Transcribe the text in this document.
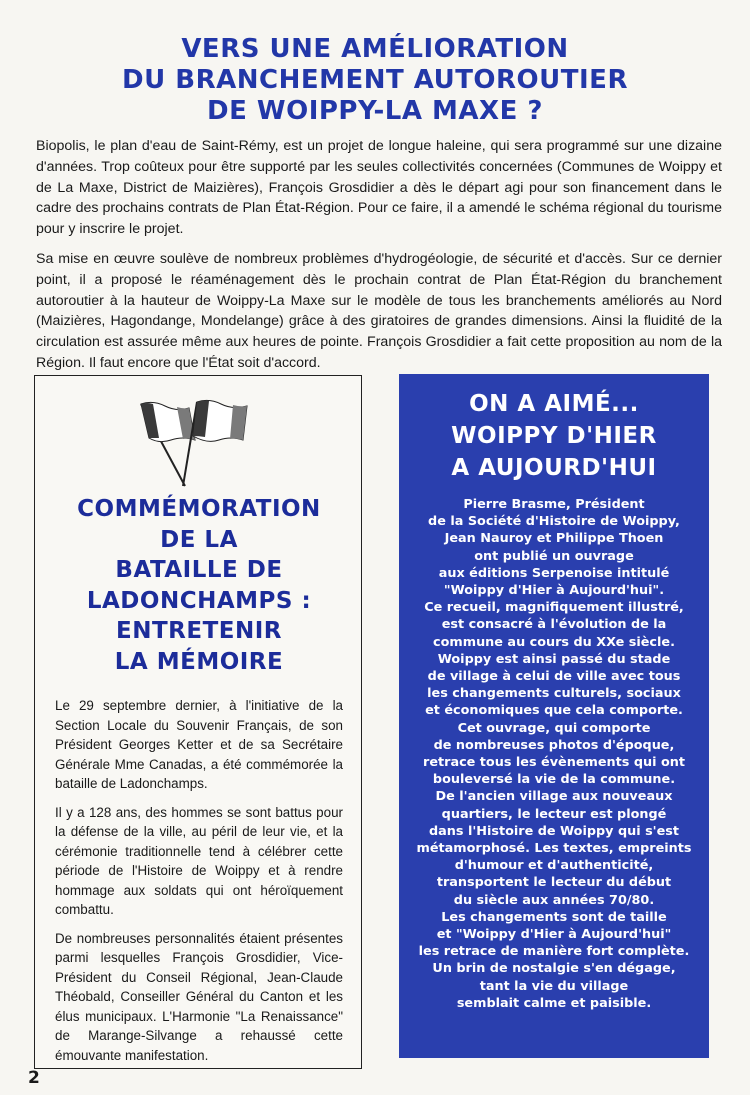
VERS UNE AMÉLIORATION
DU BRANCHEMENT AUTOROUTIER
DE WOIPPY-LA MAXE ?

Biopolis, le plan d'eau de Saint-Rémy, est un projet de longue haleine, qui sera programmé sur une dizaine d'années. Trop coûteux pour être supporté par les seules collectivités concernées (Communes de Woippy et de La Maxe, District de Maizières), François Grosdidier a dès le départ agi pour son financement dans le cadre des prochains contrats de Plan État-Région. Pour ce faire, il a amendé le schéma régional du tourisme pour y inscrire le projet.

Sa mise en œuvre soulève de nombreux problèmes d'hydrogéologie, de sécurité et d'accès. Sur ce dernier point, il a proposé le réaménagement dès le prochain contrat de Plan État-Région du branchement autoroutier à la hauteur de Woippy-La Maxe sur le modèle de tous les branchements améliorés au Nord (Maizières, Hagondange, Mondelange) grâce à des giratoires de grandes dimensions. Ainsi la fluidité de la circulation est assurée même aux heures de pointe. François Grosdidier a fait cette proposition au nom de la Région. Il faut encore que l'État soit d'accord.

COMMÉMORATION
DE LA
BATAILLE DE
LADONCHAMPS :
ENTRETENIR
LA MÉMOIRE

Le 29 septembre dernier, à l'initiative de la Section Locale du Souvenir Français, de son Président Georges Ketter et de sa Secrétaire Générale Mme Canadas, a été commémorée la bataille de Ladonchamps.

Il y a 128 ans, des hommes se sont battus pour la défense de la ville, au péril de leur vie, et la cérémonie traditionnelle tend à célébrer cette période de l'Histoire de Woippy et à rendre hommage aux soldats qui ont héroïquement combattu.

De nombreuses personnalités étaient présentes parmi lesquelles François Grosdidier, Vice-Président du Conseil Régional, Jean-Claude Théobald, Conseiller Général du Canton et les élus municipaux. L'Harmonie "La Renaissance" de Marange-Silvange a rehaussé cette émouvante manifestation.

ON A AIMÉ...
WOIPPY D'HIER
A AUJOURD'HUI
Pierre Brasme, Président
de la Société d'Histoire de Woippy,
Jean Nauroy et Philippe Thoen
ont publié un ouvrage
aux éditions Serpenoise intitulé
"Woippy d'Hier à Aujourd'hui".
Ce recueil, magnifiquement illustré,
est consacré à l'évolution de la commune au cours du XXe siècle.
Woippy est ainsi passé du stade
de village à celui de ville avec tous
les changements culturels, sociaux
et économiques que cela comporte.
Cet ouvrage, qui comporte
de nombreuses photos d'époque,
retrace tous les évènements qui ont
bouleversé la vie de la commune.
De l'ancien village aux nouveaux
quartiers, le lecteur est plongé
dans l'Histoire de Woippy qui s'est
métamorphosé. Les textes, empreints
d'humour et d'authenticité,
transportent le lecteur du début
du siècle aux années 70/80.
Les changements sont de taille
et "Woippy d'Hier à Aujourd'hui"
les retrace de manière fort complète.
Un brin de nostalgie s'en dégage,
tant la vie du village
semblait calme et paisible.
2
